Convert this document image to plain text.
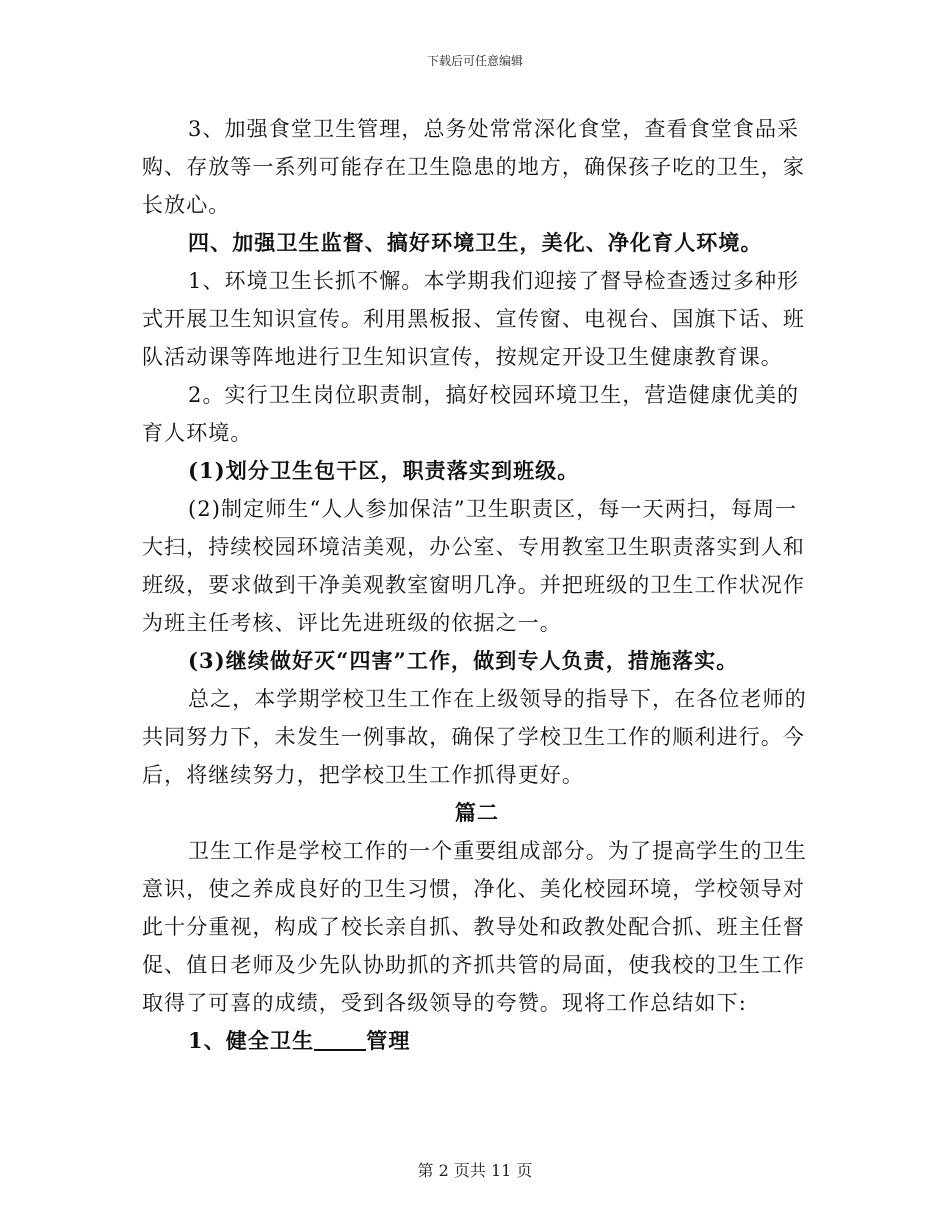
下载后可任意编辑

3、加强食堂卫生管理，总务处常常深化食堂，查看食堂食品采购、存放等一系列可能存在卫生隐患的地方，确保孩子吃的卫生，家长放心。

四、加强卫生监督、搞好环境卫生，美化、净化育人环境。

1、环境卫生长抓不懈。本学期我们迎接了督导检查透过多种形式开展卫生知识宣传。利用黑板报、宣传窗、电视台、国旗下话、班队活动课等阵地进行卫生知识宣传，按规定开设卫生健康教育课。

2。实行卫生岗位职责制，搞好校园环境卫生，营造健康优美的育人环境。

(1)划分卫生包干区，职责落实到班级。

(2)制定师生“人人参加保洁”卫生职责区，每一天两扫，每周一大扫，持续校园环境洁美观，办公室、专用教室卫生职责落实到人和班级，要求做到干净美观教室窗明几净。并把班级的卫生工作状况作为班主任考核、评比先进班级的依据之一。

(3)继续做好灭“四害”工作，做到专人负责，措施落实。

总之，本学期学校卫生工作在上级领导的指导下，在各位老师的共同努力下，未发生一例事故，确保了学校卫生工作的顺利进行。今后，将继续努力，把学校卫生工作抓得更好。

篇二

卫生工作是学校工作的一个重要组成部分。为了提高学生的卫生意识，使之养成良好的卫生习惯，净化、美化校园环境，学校领导对此十分重视，构成了校长亲自抓、教导处和政教处配合抓、班主任督促、值日老师及少先队协助抓的齐抓共管的局面，使我校的卫生工作取得了可喜的成绩，受到各级领导的夸赞。现将工作总结如下:

1、健全卫生 管理

第 2 页共 11 页
